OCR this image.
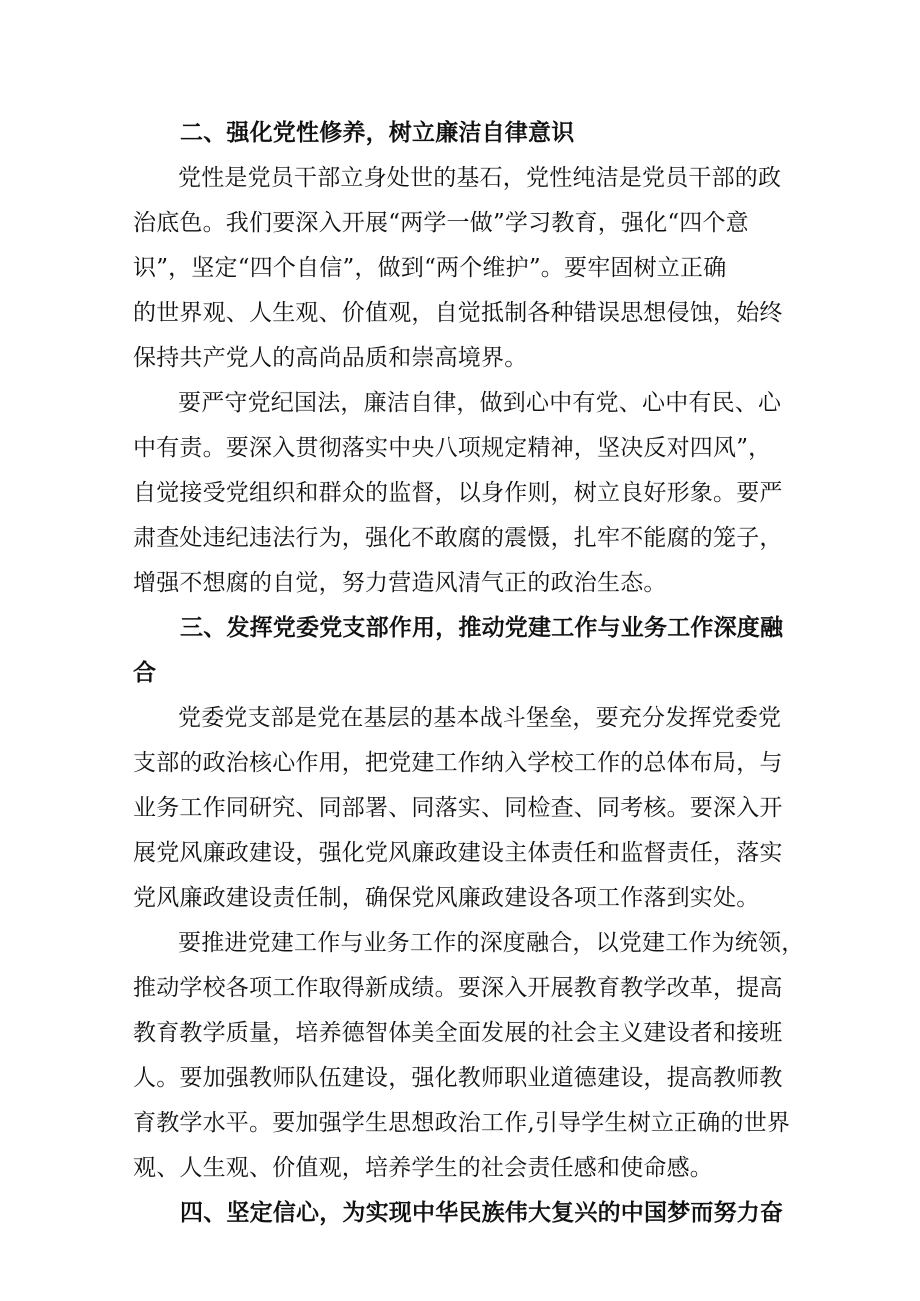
二、强化党性修养，树立廉洁自律意识
党性是党员干部立身处世的基石，党性纯洁是党员干部的政
治底色。我们要深入开展“两学一做”学习教育，强化“四个意
识”，坚定“四个自信”，做到“两个维护”。要牢固树立正确
的世界观、人生观、价值观，自觉抵制各种错误思想侵蚀，始终
保持共产党人的高尚品质和崇高境界。
要严守党纪国法，廉洁自律，做到心中有党、心中有民、心
中有责。要深入贯彻落实中央八项规定精神，坚决反对四风”，
自觉接受党组织和群众的监督，以身作则，树立良好形象。要严
肃查处违纪违法行为，强化不敢腐的震慑，扎牢不能腐的笼子，
增强不想腐的自觉，努力营造风清气正的政治生态。
三、发挥党委党支部作用，推动党建工作与业务工作深度融
合
党委党支部是党在基层的基本战斗堡垒，要充分发挥党委党
支部的政治核心作用，把党建工作纳入学校工作的总体布局，与
业务工作同研究、同部署、同落实、同检查、同考核。要深入开
展党风廉政建设，强化党风廉政建设主体责任和监督责任，落实
党风廉政建设责任制，确保党风廉政建设各项工作落到实处。
要推进党建工作与业务工作的深度融合，以党建工作为统领，
推动学校各项工作取得新成绩。要深入开展教育教学改革，提高
教育教学质量，培养德智体美全面发展的社会主义建设者和接班
人。要加强教师队伍建设，强化教师职业道德建设，提高教师教
育教学水平。要加强学生思想政治工作,引导学生树立正确的世界
观、人生观、价值观，培养学生的社会责任感和使命感。
四、坚定信心，为实现中华民族伟大复兴的中国梦而努力奋
